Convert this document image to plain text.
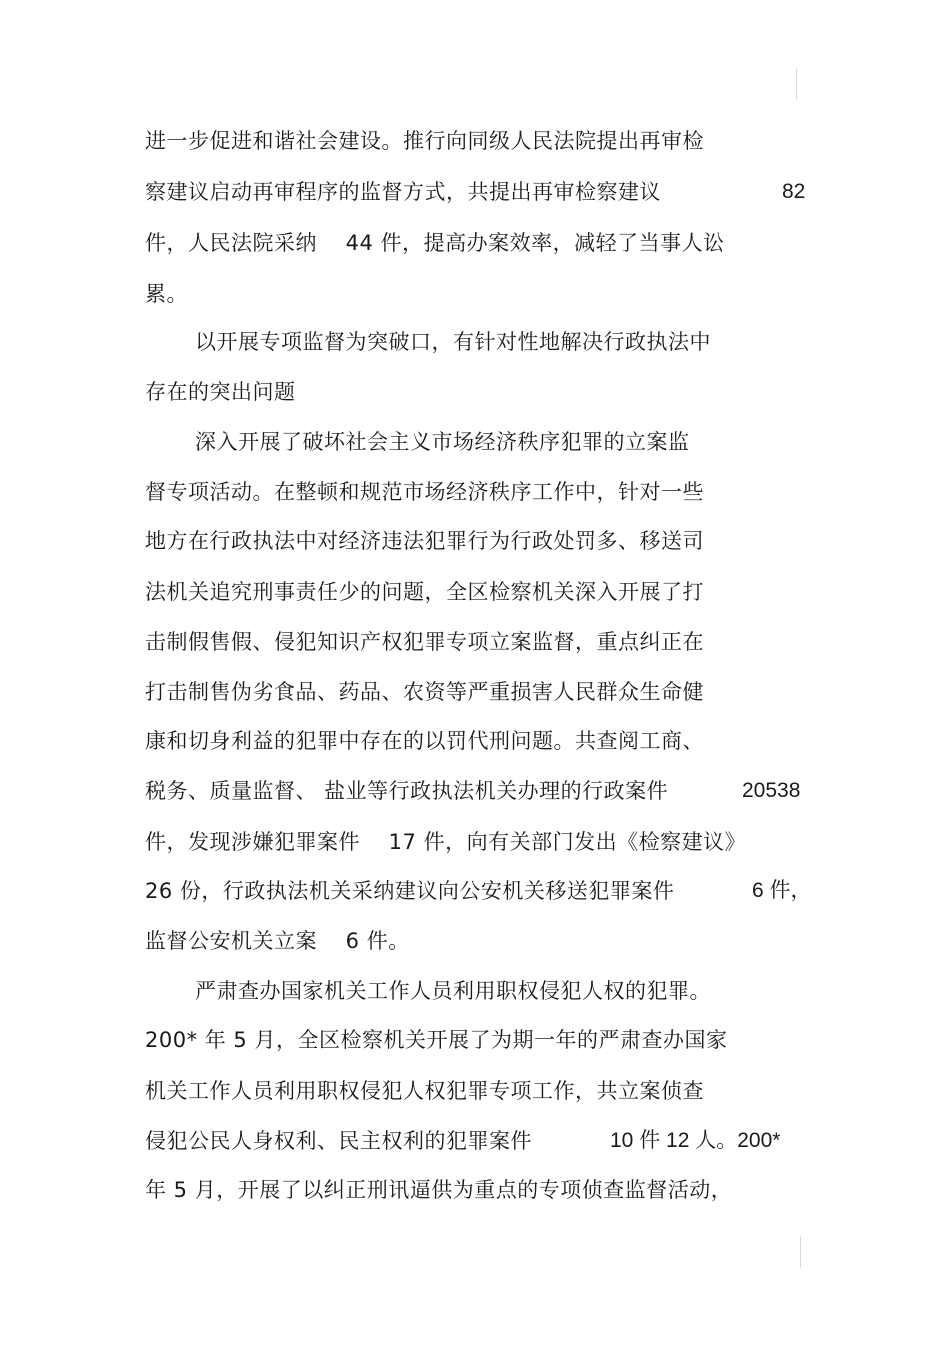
进一步促进和谐社会建设。推行向同级人民法院提出再审检
察建议启动再审程序的监督方式，共提出再审检察建议	82
件，人民法院采纳　 44 件，提高办案效率，减轻了当事人讼
累。
以开展专项监督为突破口，有针对性地解决行政执法中
存在的突出问题
深入开展了破坏社会主义市场经济秩序犯罪的立案监
督专项活动。在整顿和规范市场经济秩序工作中，针对一些
地方在行政执法中对经济违法犯罪行为行政处罚多、移送司
法机关追究刑事责任少的问题，全区检察机关深入开展了打
击制假售假、侵犯知识产权犯罪专项立案监督，重点纠正在
打击制售伪劣食品、药品、农资等严重损害人民群众生命健
康和切身利益的犯罪中存在的以罚代刑问题。共查阅工商、
税务、质量监督、 盐业等行政执法机关办理的行政案件	20538
件，发现涉嫌犯罪案件　 17 件，向有关部门发出《检察建议》
26 份，行政执法机关采纳建议向公安机关移送犯罪案件	6 件，
监督公安机关立案　 6 件。
严肃查办国家机关工作人员利用职权侵犯人权的犯罪。
200* 年 5 月，全区检察机关开展了为期一年的严肃查办国家
机关工作人员利用职权侵犯人权犯罪专项工作，共立案侦查
侵犯公民人身权利、民主权利的犯罪案件	10 件 12 人。200*
年 5 月，开展了以纠正刑讯逼供为重点的专项侦查监督活动，
